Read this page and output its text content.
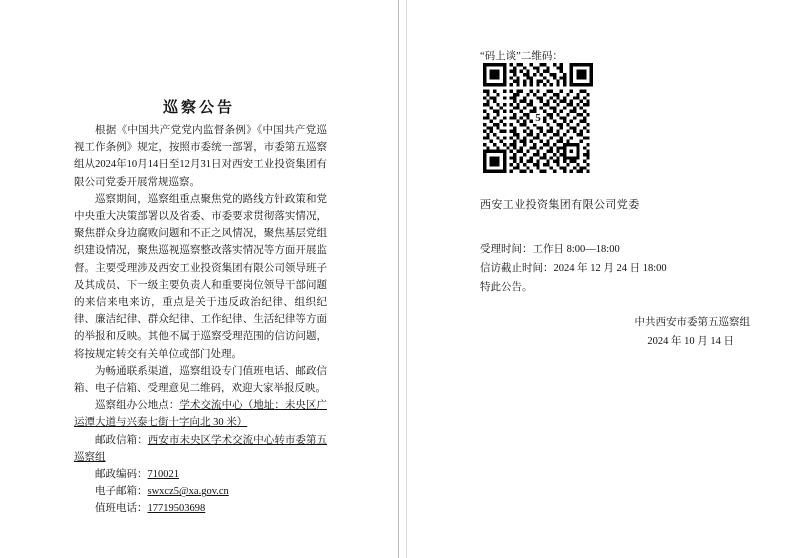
巡察公告

根据《中国共产党党内监督条例》《中国共产党巡视工作条例》规定，按照市委统一部署，市委第五巡察组从2024年10月14日至12月31日对西安工业投资集团有限公司党委开展常规巡察。

巡察期间，巡察组重点聚焦党的路线方针政策和党中央重大决策部署以及省委、市委要求贯彻落实情况，聚焦群众身边腐败问题和不正之风情况，聚焦基层党组织建设情况，聚焦巡视巡察整改落实情况等方面开展监督。主要受理涉及西安工业投资集团有限公司领导班子及其成员、下一级主要负责人和重要岗位领导干部问题的来信来电来访，重点是关于违反政治纪律、组织纪律、廉洁纪律、群众纪律、工作纪律、生活纪律等方面的举报和反映。其他不属于巡察受理范围的信访问题，将按规定转交有关单位或部门处理。

为畅通联系渠道，巡察组设专门值班电话、邮政信箱、电子信箱、受理意见二维码，欢迎大家举报反映。

巡察组办公地点：学术交流中心（地址：未央区广运潭大道与兴泰七街十字向北 30 米）

邮政信箱：西安市未央区学术交流中心转市委第五巡察组

邮政编码：710021

电子邮箱：swxcz5@xa.gov.cn

值班电话：17719503698

“码上谈”二维码：
5
西安工业投资集团有限公司党委
受理时间：工作日 8:00—18:00
信访截止时间：2024 年 12 月 24 日 18:00
特此公告。
中共西安市委第五巡察组
2024 年 10 月 14 日
